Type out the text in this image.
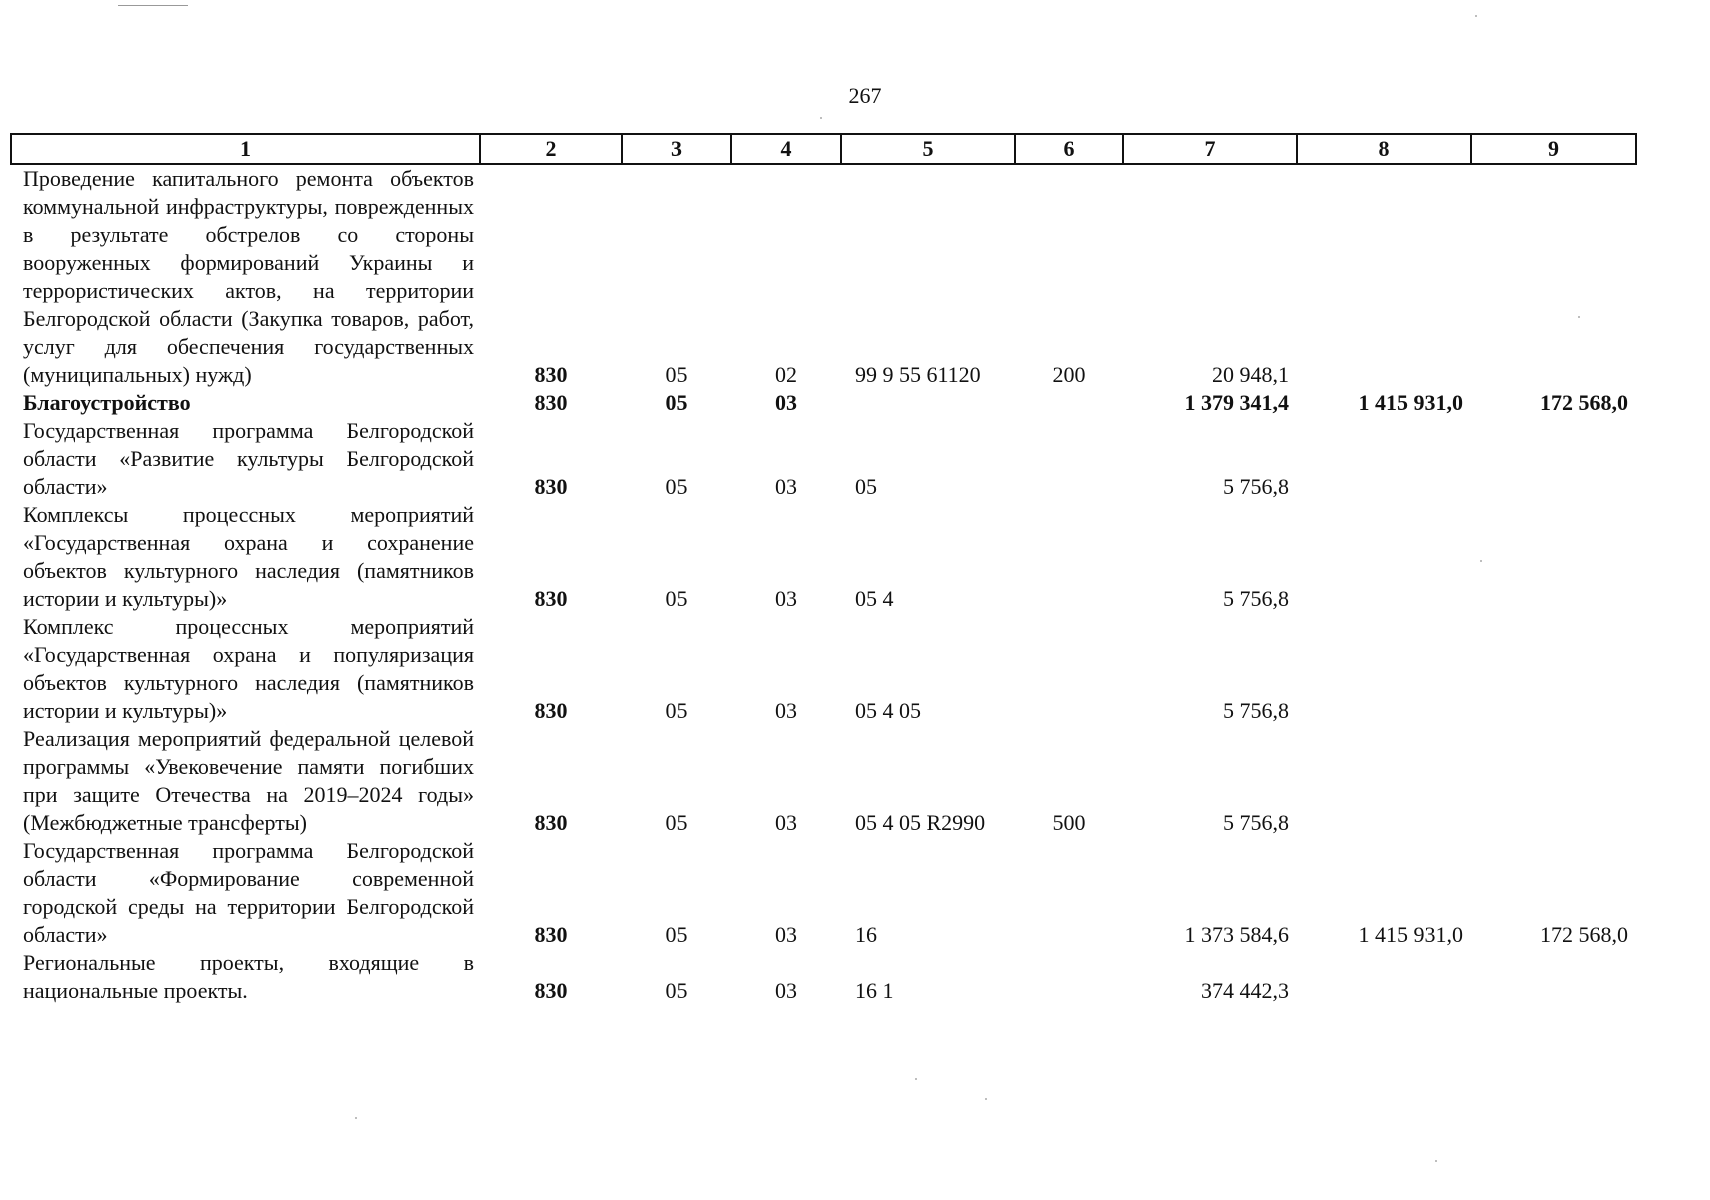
267
1	2	3	4	5	6	7	8	9
Проведение капитального ремонта объектов коммунальной инфраструктуры, поврежденных в результате обстрелов со стороны вооруженных формирований Украины и террористических актов, на территории Белгородской области (Закупка товаров, работ, услуг для обеспечения государственных (муниципальных) нужд)	830	05	02	99 9 55 61120	200	20 948,1		
Благоустройство	830	05	03			1 379 341,4	1 415 931,0	172 568,0
Государственная программа Белгородской области «Развитие культуры Белгородской области»	830	05	03	05		5 756,8		
Комплексы процессных мероприятий «Государственная охрана и сохранение объектов культурного наследия (памятников истории и культуры)»	830	05	03	05 4		5 756,8		
Комплекс процессных мероприятий «Государственная охрана и популяризация объектов культурного наследия (памятников истории и культуры)»	830	05	03	05 4 05		5 756,8		
Реализация мероприятий федеральной целевой программы «Увековечение памяти погибших при защите Отечества на 2019–2024 годы» (Межбюджетные трансферты)	830	05	03	05 4 05 R2990	500	5 756,8		
Государственная программа Белгородской области «Формирование современной городской среды на территории Белгородской области»	830	05	03	16		1 373 584,6	1 415 931,0	172 568,0
Региональные проекты, входящие в национальные проекты.	830	05	03	16 1		374 442,3		
